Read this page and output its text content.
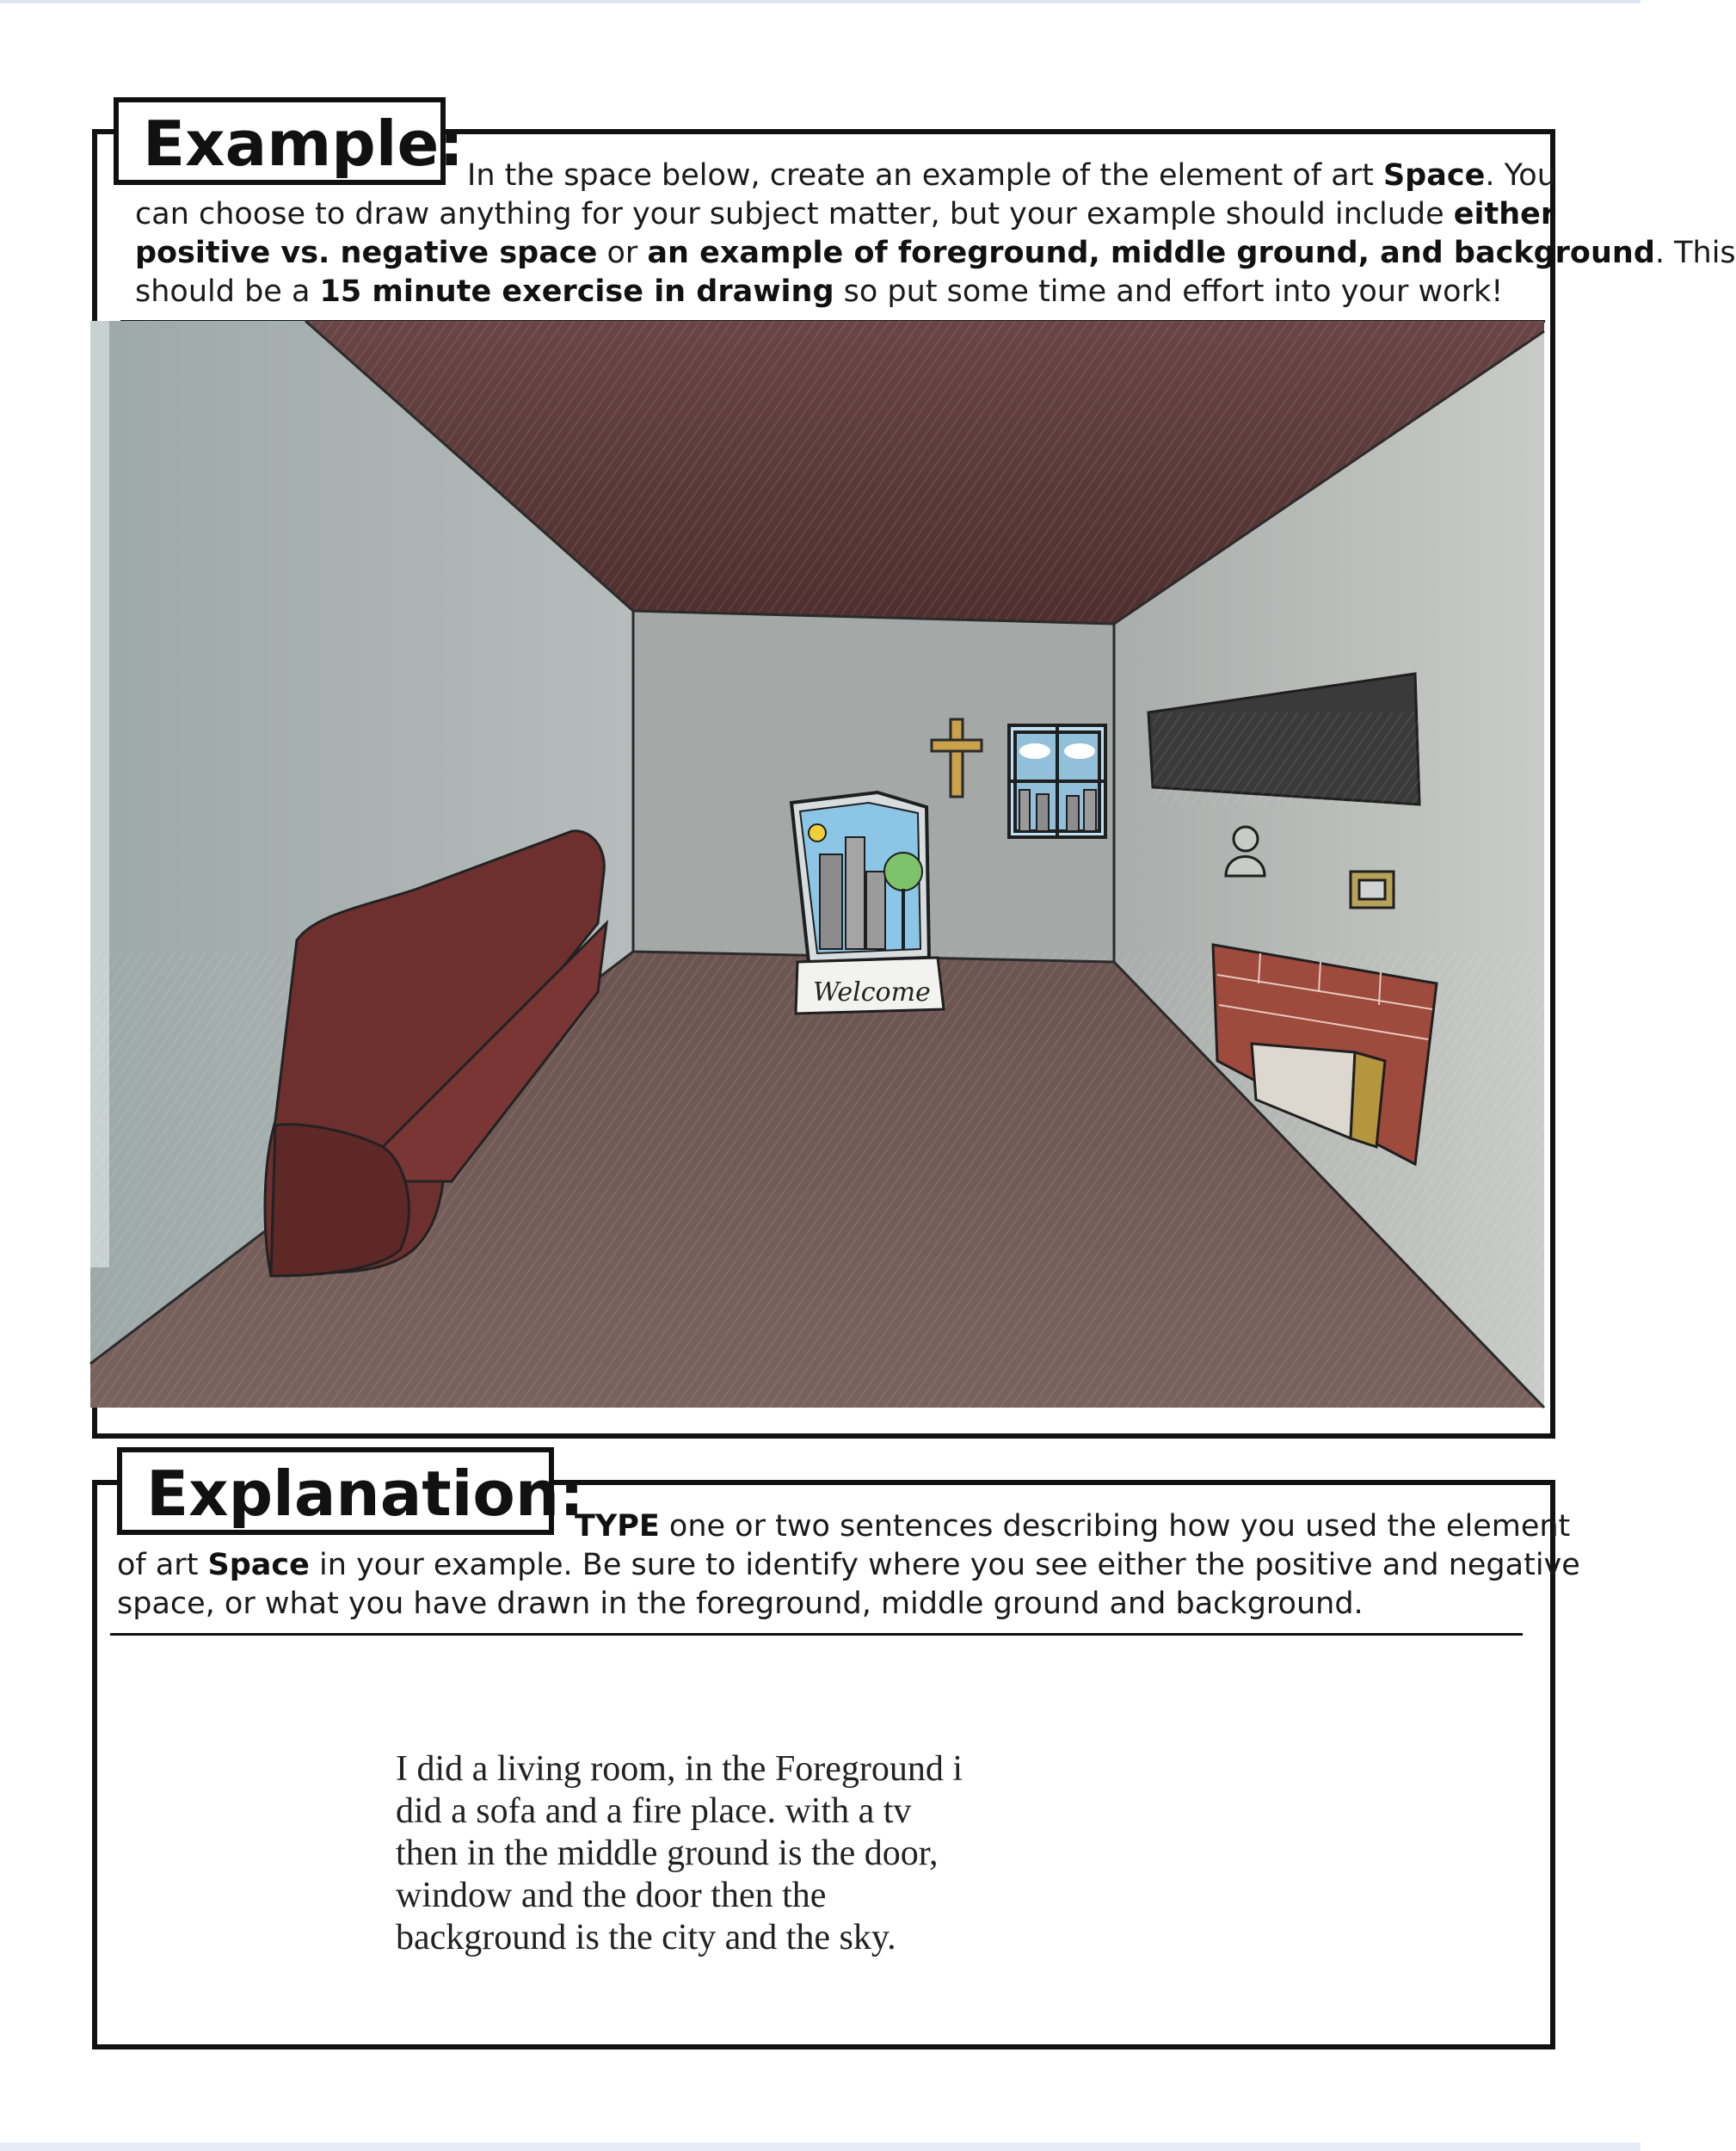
Example: In the space below, create an example of the element of art Space. You
can choose to draw anything for your subject matter, but your example should include either
positive vs. negative space or an example of foreground, middle ground, and background. This
should be a 15 minute exercise in drawing so put some time and effort into your work!
Welcome
Explanation:
TYPE one or two sentences describing how you used the element
of art Space in your example. Be sure to identify where you see either the positive and negative
space, or what you have drawn in the foreground, middle ground and background.
I did a living room, in the Foreground i
did a sofa and a fire place. with a tv
then in the middle ground is the door,
window and the door then the
background is the city and the sky.
